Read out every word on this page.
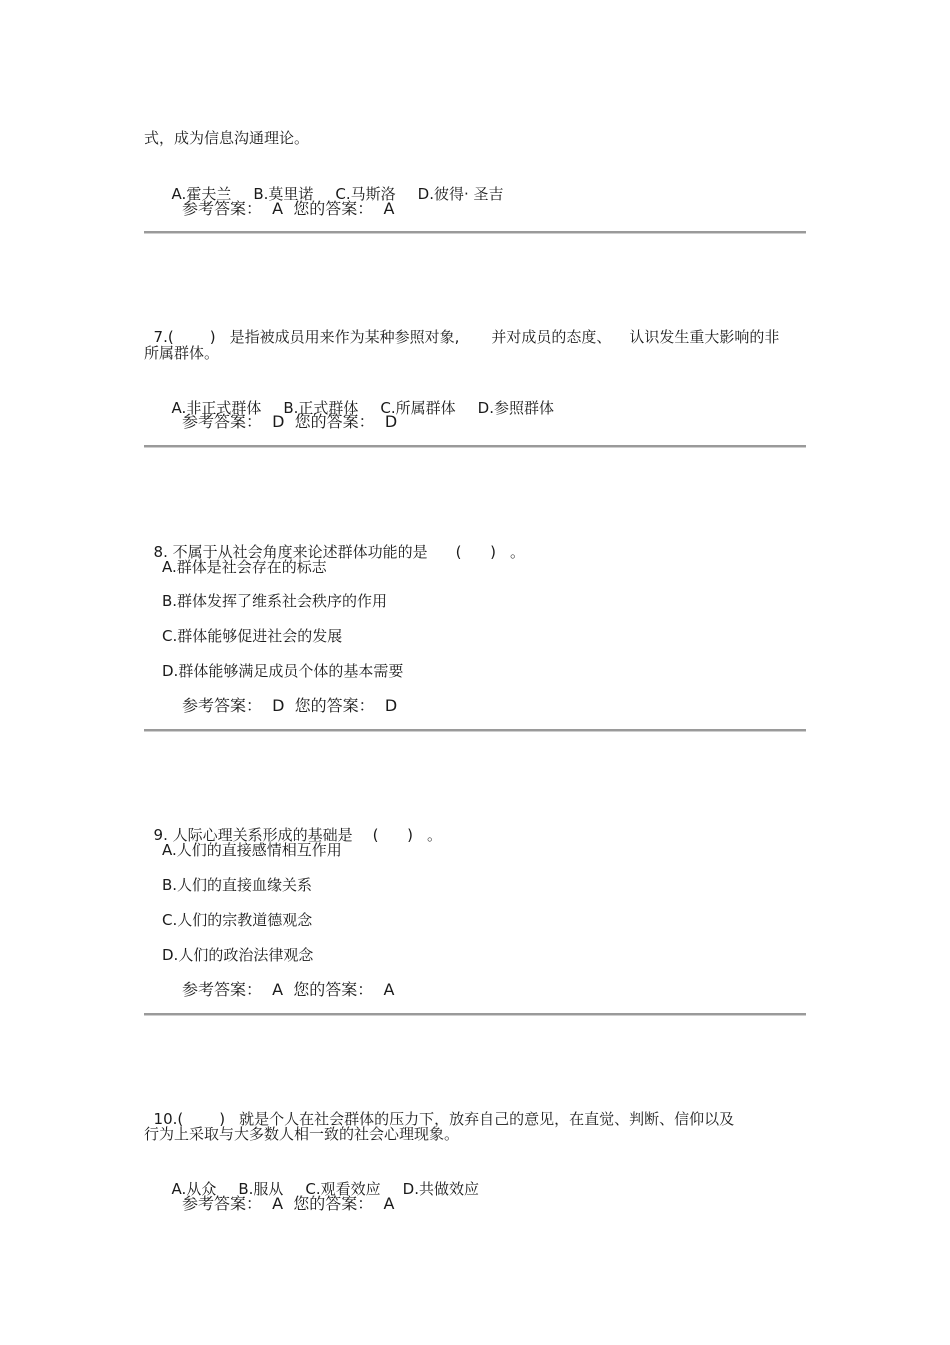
式，成为信息沟通理论。

A.霍夫兰 B.莫里诺 C.马斯洛 D.彼得· 圣吉

参考答案：  A  您的答案：  A

7.( ) 是指被成员用来作为某种参照对象, 并对成员的态度、 认识发生重大影响的非

所属群体。

A.非正式群体 B.正式群体 C.所属群体 D.参照群体

参考答案：  D  您的答案：  D

8. 不属于从社会角度来论述群体功能的是 (      ) 。

A.群体是社会存在的标志
B.群体发挥了维系社会秩序的作用
C.群体能够促进社会的发展
D.群体能够满足成员个体的基本需要
参考答案：  D  您的答案：  D

9. 人际心理关系形成的基础是 (      ) 。

A.人们的直接感情相互作用
B.人们的直接血缘关系
C.人们的宗教道德观念
D.人们的政治法律观念
参考答案：  A  您的答案：  A

10.( ) 就是个人在社会群体的压力下，放弃自己的意见，在直觉、判断、信仰以及

行为上采取与大多数人相一致的社会心理现象。

A.从众 B.服从 C.观看效应 D.共做效应

参考答案：  A  您的答案：  A
